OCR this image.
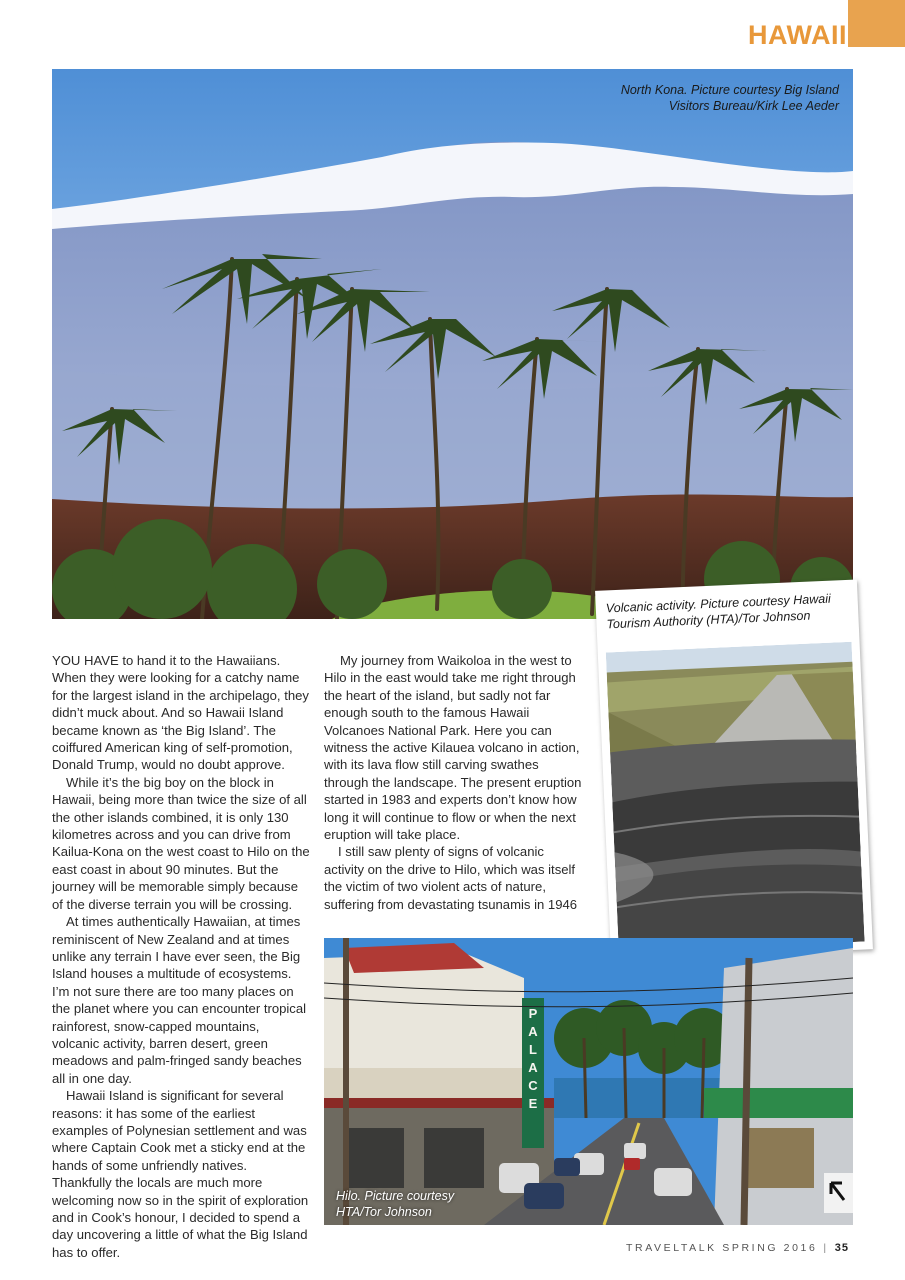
HAWAII
North Kona. Picture courtesy Big Island Visitors Bureau/Kirk Lee Aeder
Volcanic activity. Picture courtesy Hawaii Tourism Authority (HTA)/Tor Johnson

YOU HAVE to hand it to the Hawaiians. When they were looking for a catchy name for the largest island in the archipelago, they didn’t muck about. And so Hawaii Island became known as ‘the Big Island’. The coiffured American king of self-promotion, Donald Trump, would no doubt approve.

While it’s the big boy on the block in Hawaii, being more than twice the size of all the other islands combined, it is only 130 kilometres across and you can drive from Kailua-Kona on the west coast to Hilo on the east coast in about 90 minutes. But the journey will be memorable simply because of the diverse terrain you will be crossing.

At times authentically Hawaiian, at times reminiscent of New Zealand and at times unlike any terrain I have ever seen, the Big Island houses a multitude of ecosystems. I’m not sure there are too many places on the planet where you can encounter tropical rainforest, snow-capped mountains, volcanic activity, barren desert, green meadows and palm-fringed sandy beaches all in one day.

Hawaii Island is significant for several reasons: it has some of the earliest examples of Polynesian settlement and was where Captain Cook met a sticky end at the hands of some unfriendly natives. Thankfully the locals are much more welcoming now so in the spirit of exploration and in Cook’s honour, I decided to spend a day uncovering a little of what the Big Island has to offer.

My journey from Waikoloa in the west to Hilo in the east would take me right through the heart of the island, but sadly not far enough south to the famous Hawaii Volcanoes National Park. Here you can witness the active Kilauea volcano in action, with its lava flow still carving swathes through the landscape. The present eruption started in 1983 and experts don’t know how long it will continue to flow or when the next eruption will take place.

I still saw plenty of signs of volcanic activity on the drive to Hilo, which was itself the victim of two violent acts of nature, suffering from devastating tsunamis in 1946

P
A
L
A
C
E
Hilo. Picture courtesy HTA/Tor Johnson
TRAVELTALK SPRING 2016 | 35
